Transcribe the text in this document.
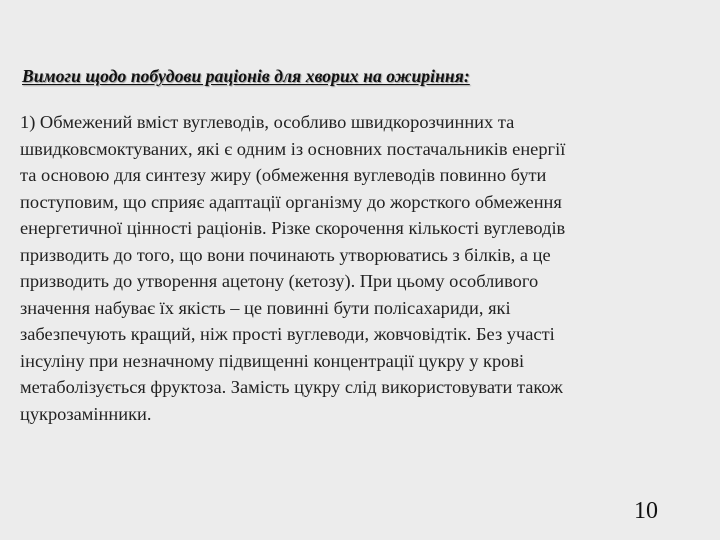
Вимоги щодо побудови раціонів для хворих на ожиріння:
1) Обмежений вміст вуглеводів, особливо швидкорозчинних та
швидковсмоктуваних, які є одним із основних постачальників енергії
та основою для синтезу жиру (обмеження вуглеводів повинно бути
поступовим, що сприяє адаптації організму до жорсткого обмеження
енергетичної цінності раціонів. Різке скорочення кількості вуглеводів
призводить до того, що вони починають утворюватись з білків, а це
призводить до утворення ацетону (кетозу). При цьому особливого
значення набуває їх якість – це повинні бути полісахариди, які
забезпечують кращий, ніж прості вуглеводи, жовчовідтік. Без участі
інсуліну при незначному підвищенні концентрації цукру у крові
метаболізується фруктоза. Замість цукру слід використовувати також
цукрозамінники.
10
